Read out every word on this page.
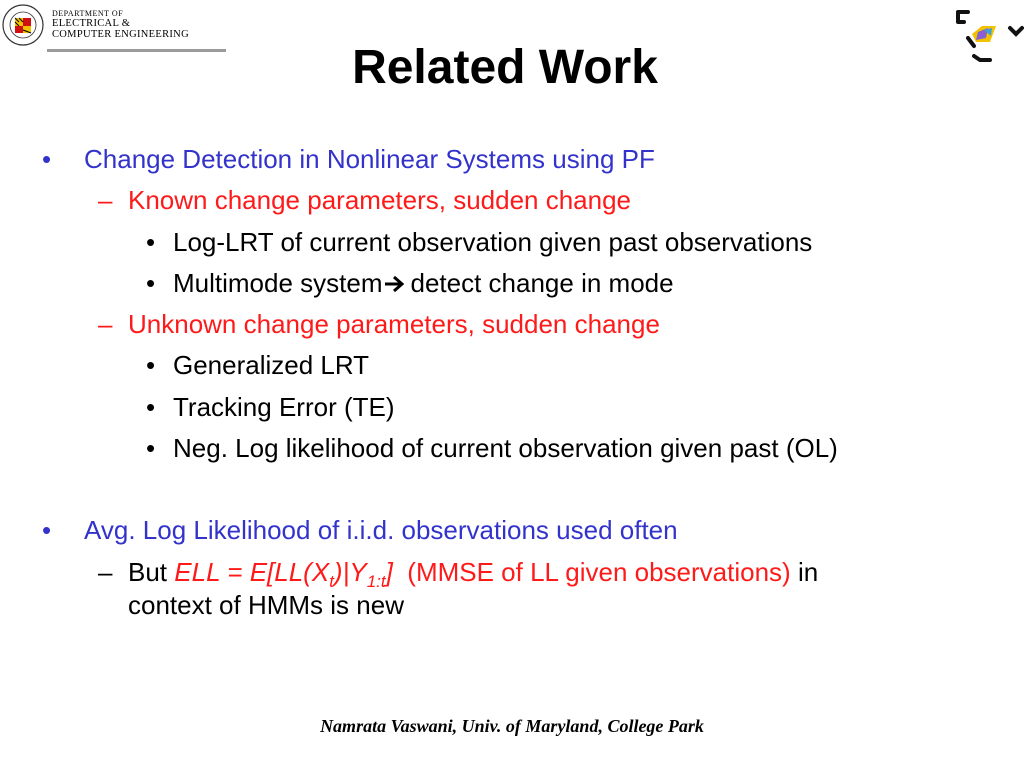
DEPARTMENT OF
ELECTRICAL &
COMPUTER ENGINEERING
Related Work
• Change Detection in Nonlinear Systems using PF
– Known change parameters, sudden change
• Log-LRT of current observation given past observations
• Multimode system detect change in mode
– Unknown change parameters, sudden change
• Generalized LRT
• Tracking Error (TE)
• Neg. Log likelihood of current observation given past (OL)
• Avg. Log Likelihood of i.i.d. observations used often
– But ELL = $E[LL(X_t)|Y_{1:t}]$ (MMSE of LL given observations) in
context of HMMs is new
Namrata Vaswani, Univ. of Maryland, College Park
